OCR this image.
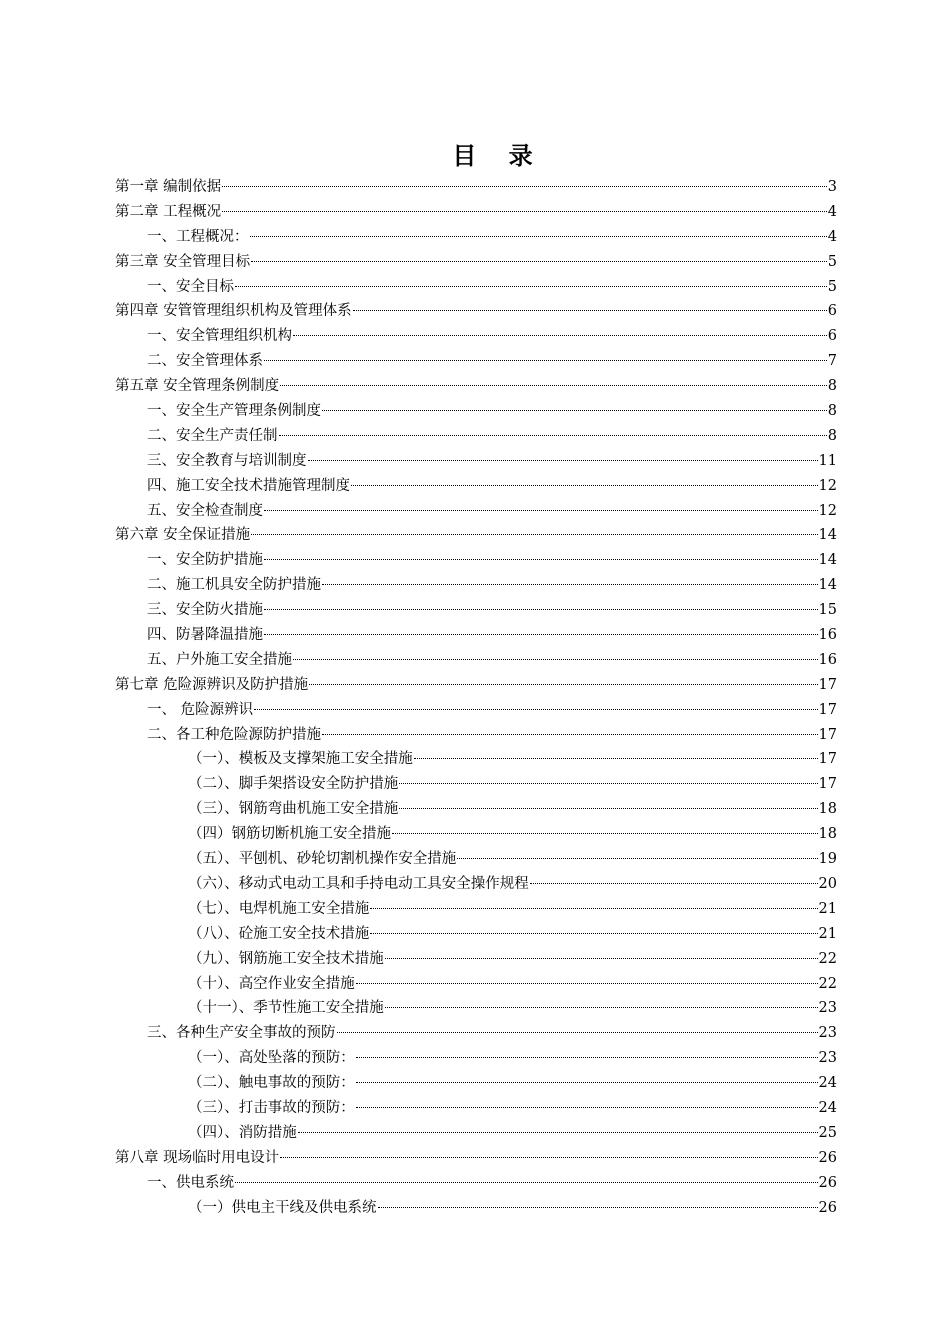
目 录
第一章 编制依据	3
第二章 工程概况	4
一、工程概况：	4
第三章 安全管理目标	5
一、安全目标	5
第四章 安管管理组织机构及管理体系	6
一、安全管理组织机构	6
二、安全管理体系	7
第五章 安全管理条例制度	8
一、安全生产管理条例制度	8
二、安全生产责任制	8
三、安全教育与培训制度	11
四、施工安全技术措施管理制度	12
五、安全检查制度	12
第六章 安全保证措施	14
一、安全防护措施	14
二、施工机具安全防护措施	14
三、安全防火措施	15
四、防暑降温措施	16
五、户外施工安全措施	16
第七章 危险源辨识及防护措施	17
一、 危险源辨识	17
二、各工种危险源防护措施	17
（一）、模板及支撑架施工安全措施	17
（二）、脚手架搭设安全防护措施	17
（三）、钢筋弯曲机施工安全措施	18
（四）钢筋切断机施工安全措施	18
（五）、平刨机、砂轮切割机操作安全措施	19
（六）、移动式电动工具和手持电动工具安全操作规程	20
（七）、电焊机施工安全措施	21
（八）、砼施工安全技术措施	21
（九）、钢筋施工安全技术措施	22
（十）、高空作业安全措施	22
（十一）、季节性施工安全措施	23
三、各种生产安全事故的预防	23
（一）、高处坠落的预防：	23
（二）、触电事故的预防：	24
（三）、打击事故的预防：	24
（四）、消防措施	25
第八章 现场临时用电设计	26
一、供电系统	26
（一）供电主干线及供电系统	26
